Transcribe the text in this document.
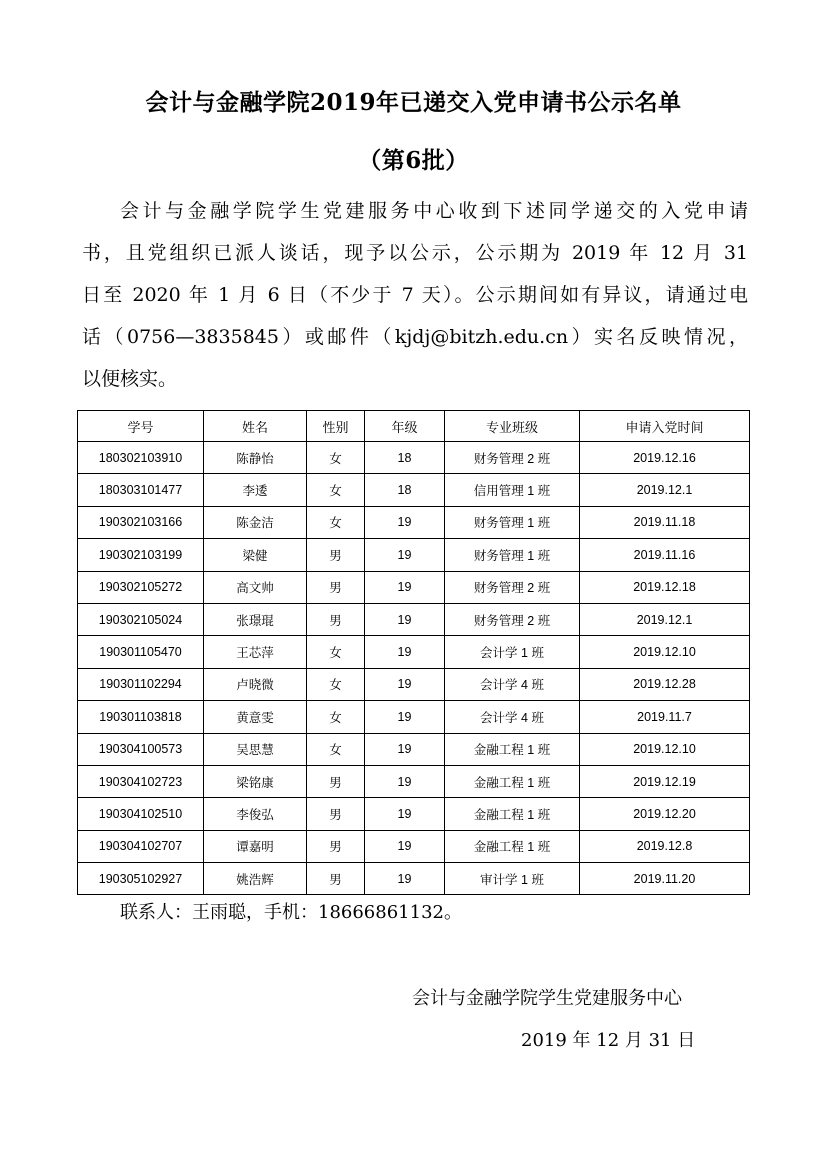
会计与金融学院2019年已递交入党申请书公示名单
（第6批）
会计与金融学院学生党建服务中心收到下述同学递交的入党申请
书，且党组织已派人谈话，现予以公示，公示期为 2019 年 12 月 31
日至 2020 年 1 月 6 日（不少于 7 天）。公示期间如有异议，请通过电
话（0756—3835845）或邮件（kjdj@bitzh.edu.cn）实名反映情况，
以便核实。
学号	姓名	性别	年级	专业班级	申请入党时间
180302103910	陈静怡	女	18	财务管理 2 班	2019.12.16
180303101477	李逶	女	18	信用管理 1 班	2019.12.1
190302103166	陈金洁	女	19	财务管理 1 班	2019.11.18
190302103199	梁健	男	19	财务管理 1 班	2019.11.16
190302105272	高文帅	男	19	财务管理 2 班	2019.12.18
190302105024	张璟琨	男	19	财务管理 2 班	2019.12.1
190301105470	王芯萍	女	19	会计学 1 班	2019.12.10
190301102294	卢晓微	女	19	会计学 4 班	2019.12.28
190301103818	黄意雯	女	19	会计学 4 班	2019.11.7
190304100573	吴思慧	女	19	金融工程 1 班	2019.12.10
190304102723	梁铭康	男	19	金融工程 1 班	2019.12.19
190304102510	李俊弘	男	19	金融工程 1 班	2019.12.20
190304102707	谭嘉明	男	19	金融工程 1 班	2019.12.8
190305102927	姚浩辉	男	19	审计学 1 班	2019.11.20
联系人：王雨聪，手机：18666861132。
会计与金融学院学生党建服务中心
2019 年 12 月 31 日
